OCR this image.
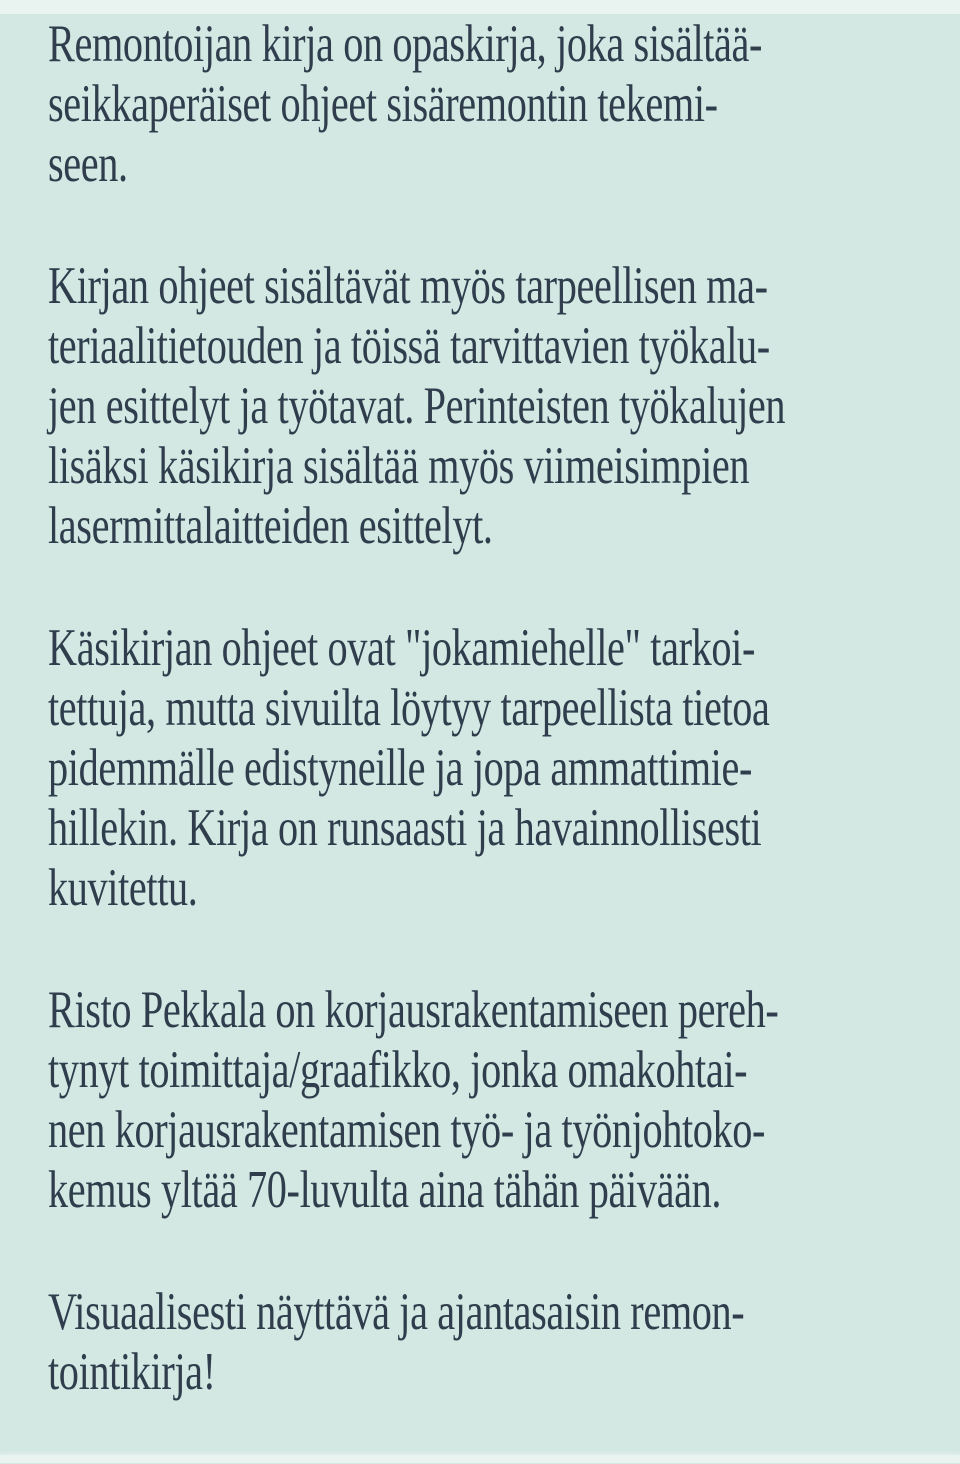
Remontoijan kirja on opaskirja, joka sisältää-
seikkaperäiset ohjeet sisäremontin tekemi-
seen.
Kirjan ohjeet sisältävät myös tarpeellisen ma-
teriaalitietouden ja töissä tarvittavien työkalu-
jen esittelyt ja työtavat. Perinteisten työkalujen
lisäksi käsikirja sisältää myös viimeisimpien
lasermittalaitteiden esittelyt.
Käsikirjan ohjeet ovat "jokamiehelle" tarkoi-
tettuja, mutta sivuilta löytyy tarpeellista tietoa
pidemmälle edistyneille ja jopa ammattimie-
hillekin. Kirja on runsaasti ja havainnollisesti
kuvitettu.
Risto Pekkala on korjausrakentamiseen pereh-
tynyt toimittaja/graafikko, jonka omakohtai-
nen korjausrakentamisen työ- ja työnjohtoko-
kemus yltää 70-luvulta aina tähän päivään.
Visuaalisesti näyttävä ja ajantasaisin remon-
tointikirja!
